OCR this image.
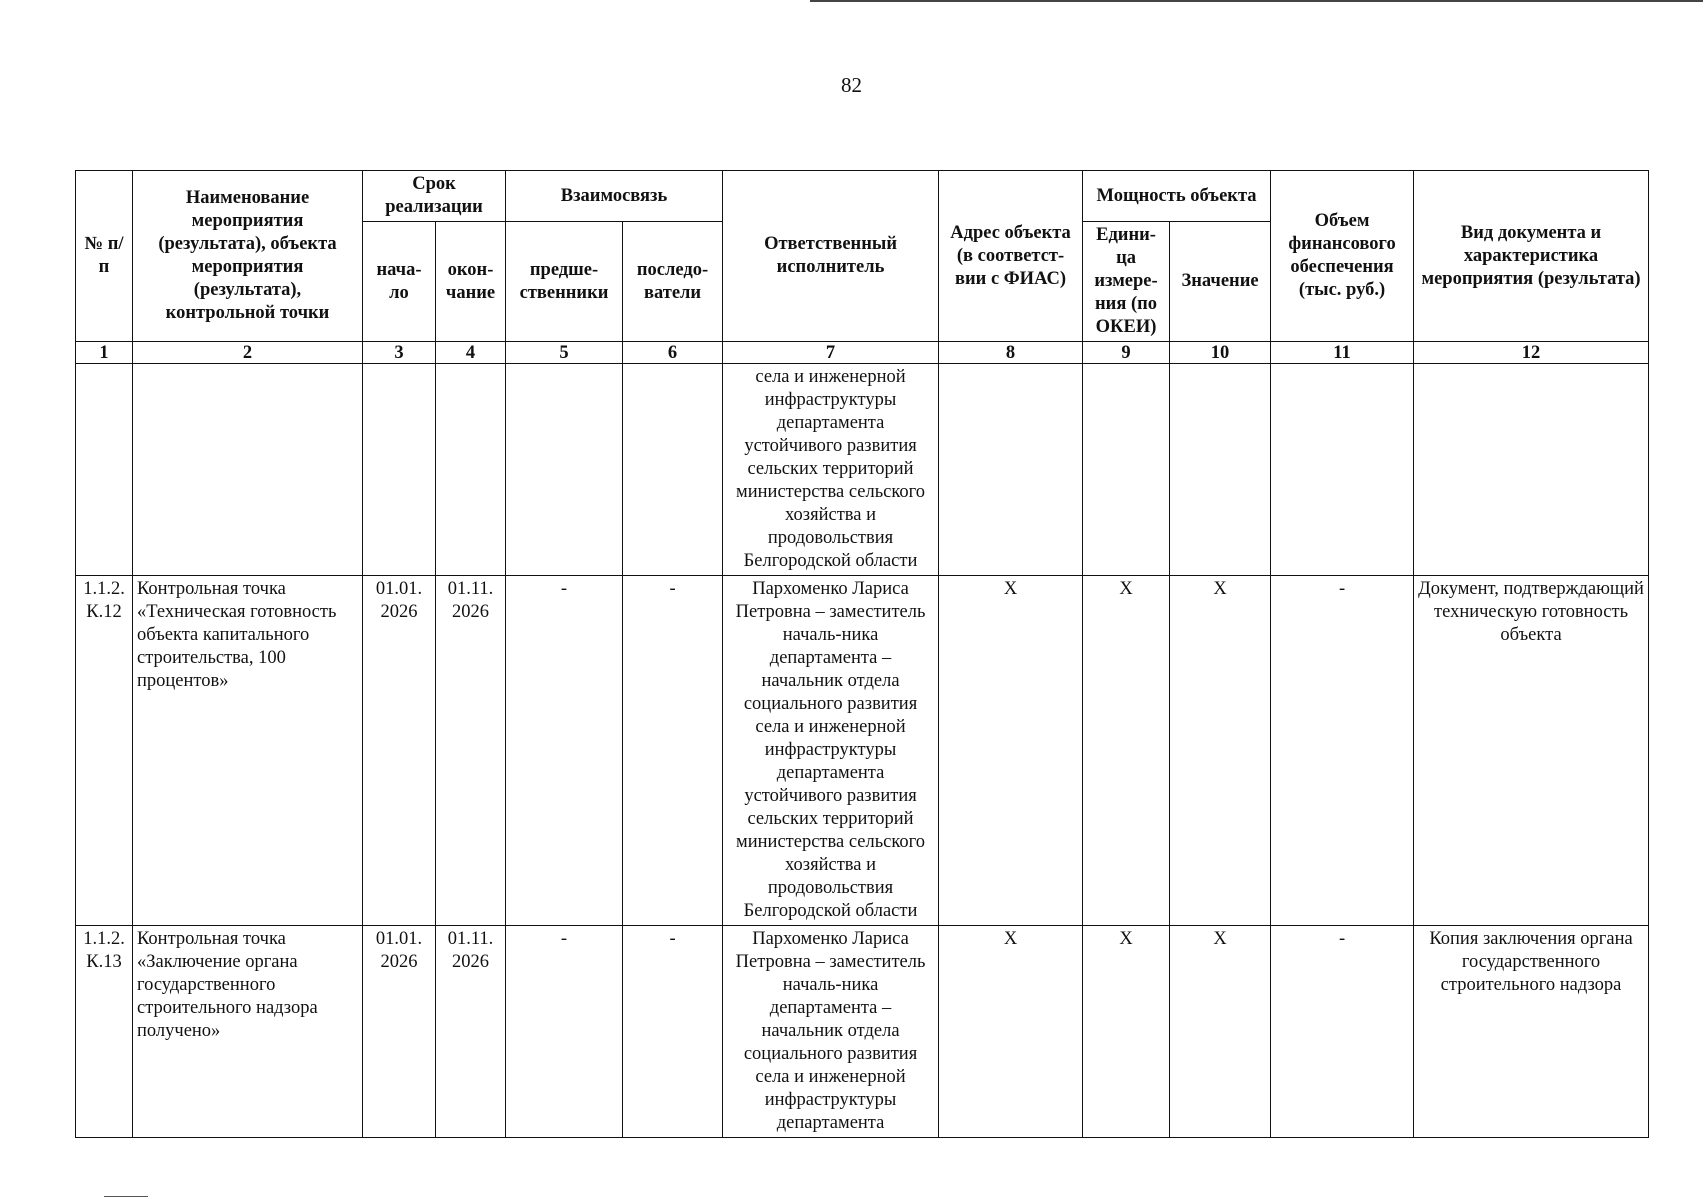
82
№ п/п	Наименование мероприятия (результата), объекта мероприятия (результата), контрольной точки	Срок реализации		Взаимосвязь		Ответственный исполнитель	Адрес объекта (в соответст-вии с ФИАС)	Мощность объекта		Объем финансового обеспечения (тыс. руб.)	Вид документа и характеристика мероприятия (результата)
		нача-ло	окон-чание	предше-ственники	последо-ватели			Едини-ца измере-ния (по ОКЕИ)	Значение		
1	2	3	4	5	6	7	8	9	10	11	12
						села и инженерной инфраструктуры департамента устойчивого развития сельских территорий министерства сельского хозяйства и продовольствия Белгородской области					
1.1.2. К.12	Контрольная точка «Техническая готовность объекта капитального строительства, 100 процентов»	01.01. 2026	01.11. 2026	-	-	Пархоменко Лариса Петровна – заместитель началь-ника департамента – начальник отдела социального развития села и инженерной инфраструктуры департамента устойчивого развития сельских территорий министерства сельского хозяйства и продовольствия Белгородской области	X	X	X	-	Документ, подтверждающий техническую готовность объекта
1.1.2. К.13	Контрольная точка «Заключение органа государственного строительного надзора получено»	01.01. 2026	01.11. 2026	-	-	Пархоменко Лариса Петровна – заместитель началь-ника департамента – начальник отдела социального развития села и инженерной инфраструктуры департамента	X	X	X	-	Копия заключения органа государственного строительного надзора
